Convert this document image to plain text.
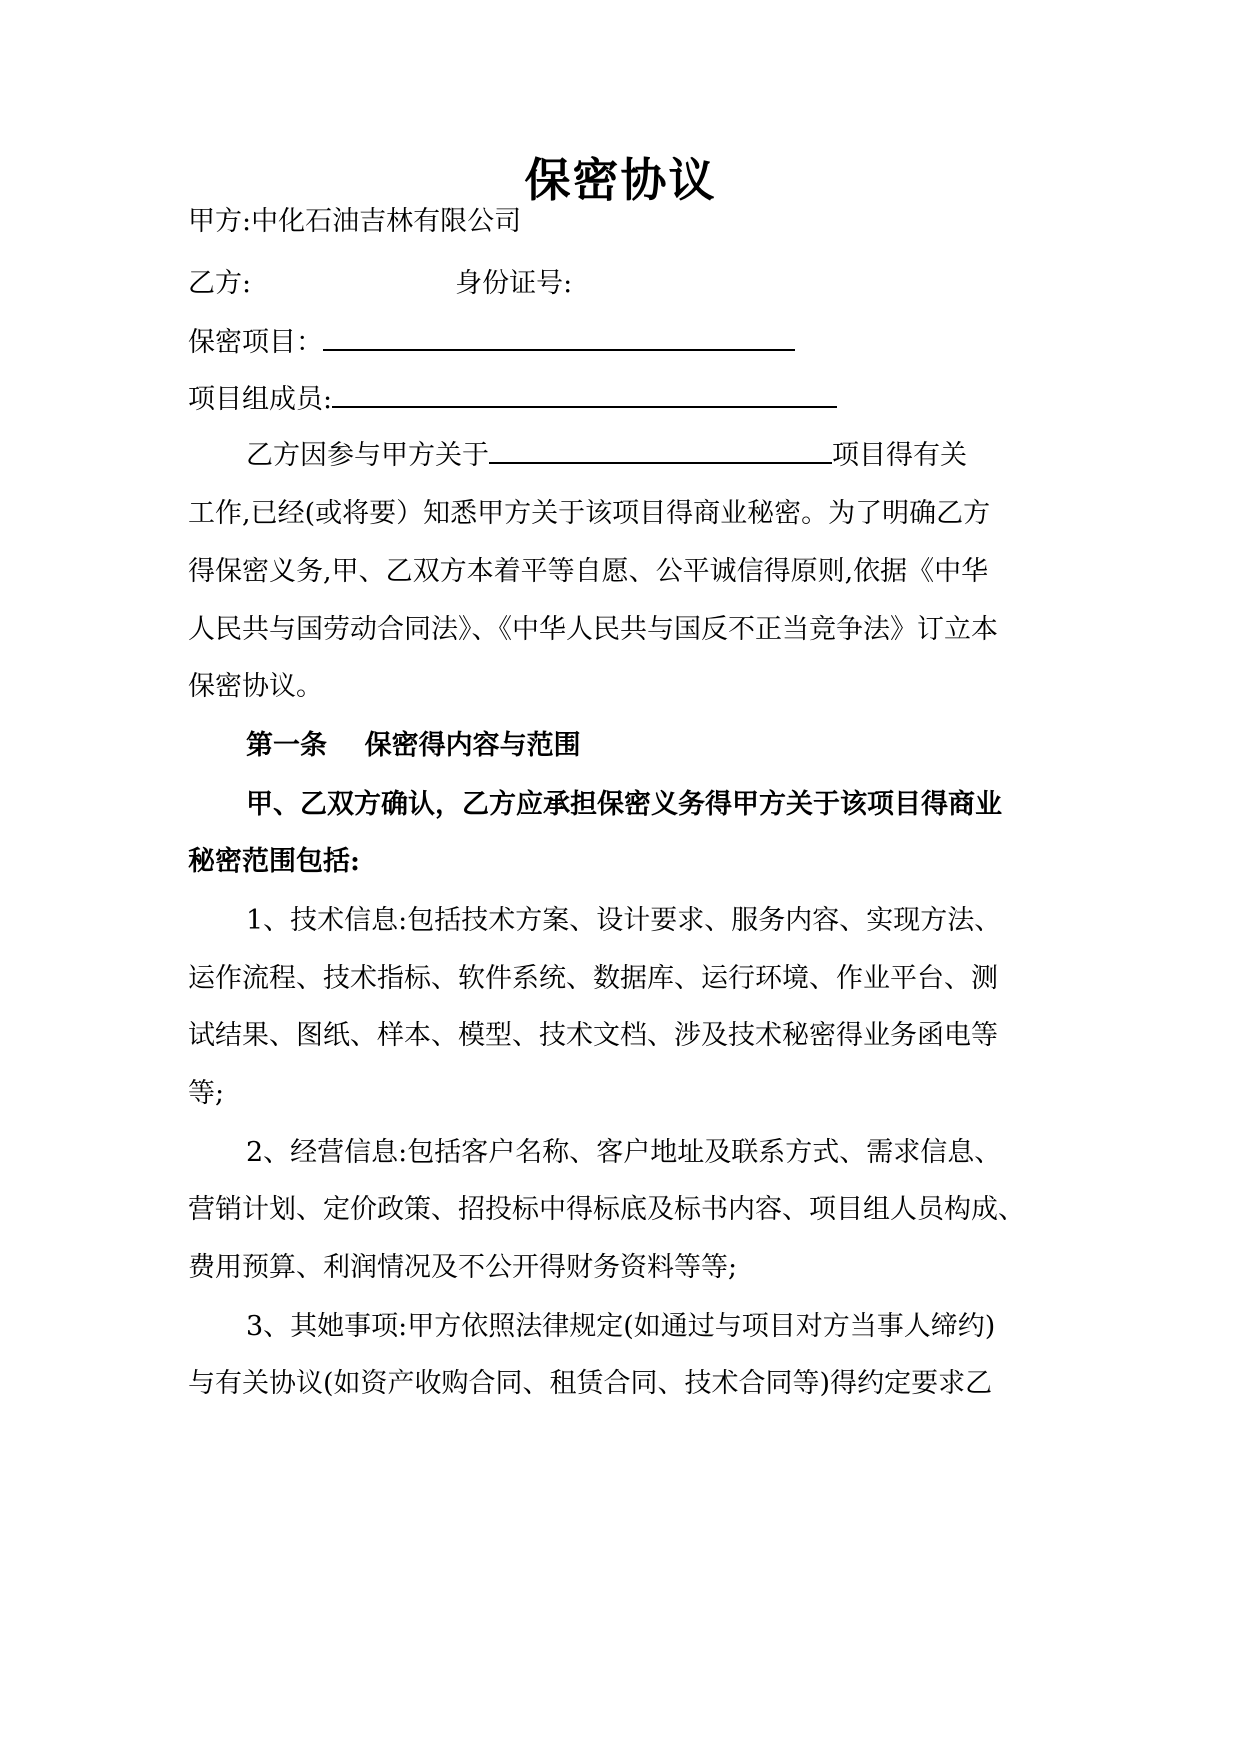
保密协议
甲方:中化石油吉林有限公司
乙方:	身份证号:
保密项目：
项目组成员:
乙方因参与甲方关于	项目得有关
工作,已经(或将要）知悉甲方关于该项目得商业秘密。为了明确乙方
得保密义务,甲、乙双方本着平等自愿、公平诚信得原则,依据《中华
人民共与国劳动合同法》、《中华人民共与国反不正当竞争法》订立本
保密协议。
第一条    保密得内容与范围
甲、乙双方确认，乙方应承担保密义务得甲方关于该项目得商业
秘密范围包括:
1、技术信息:包括技术方案、设计要求、服务内容、实现方法、
运作流程、技术指标、软件系统、数据库、运行环境、作业平台、测
试结果、图纸、样本、模型、技术文档、涉及技术秘密得业务函电等
等;
2、经营信息:包括客户名称、客户地址及联系方式、需求信息、
营销计划、定价政策、招投标中得标底及标书内容、项目组人员构成、
费用预算、利润情况及不公开得财务资料等等;
3、其她事项:甲方依照法律规定(如通过与项目对方当事人缔约)
与有关协议(如资产收购合同、租赁合同、技术合同等)得约定要求乙
